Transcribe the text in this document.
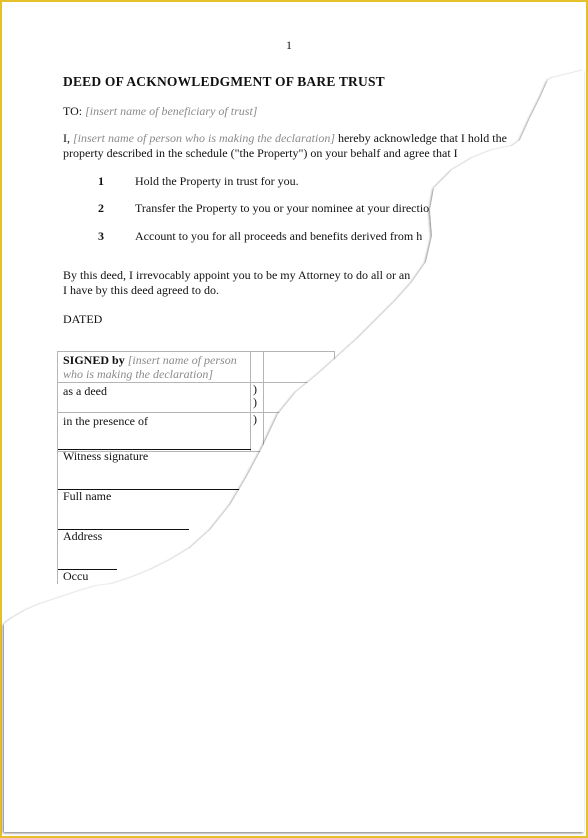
1
DEED OF ACKNOWLEDGMENT OF BARE TRUST
TO: [insert name of beneficiary of trust]
I, [insert name of person who is making the declaration] hereby acknowledge that I hold the
property described in the schedule ("the Property") on your behalf and agree that I
1	Hold the Property in trust for you.
2	Transfer the Property to you or your nominee at your directio
3	Account to you for all proceeds and benefits derived from h
By this deed, I irrevocably appoint you to be my Attorney to do all or an
I have by this deed agreed to do.
DATED
SIGNED by [insert name of person
who is making the declaration]		
as a deed	)
)	
in the presence of	)	
Witness signature
Full name
Address
Occu
